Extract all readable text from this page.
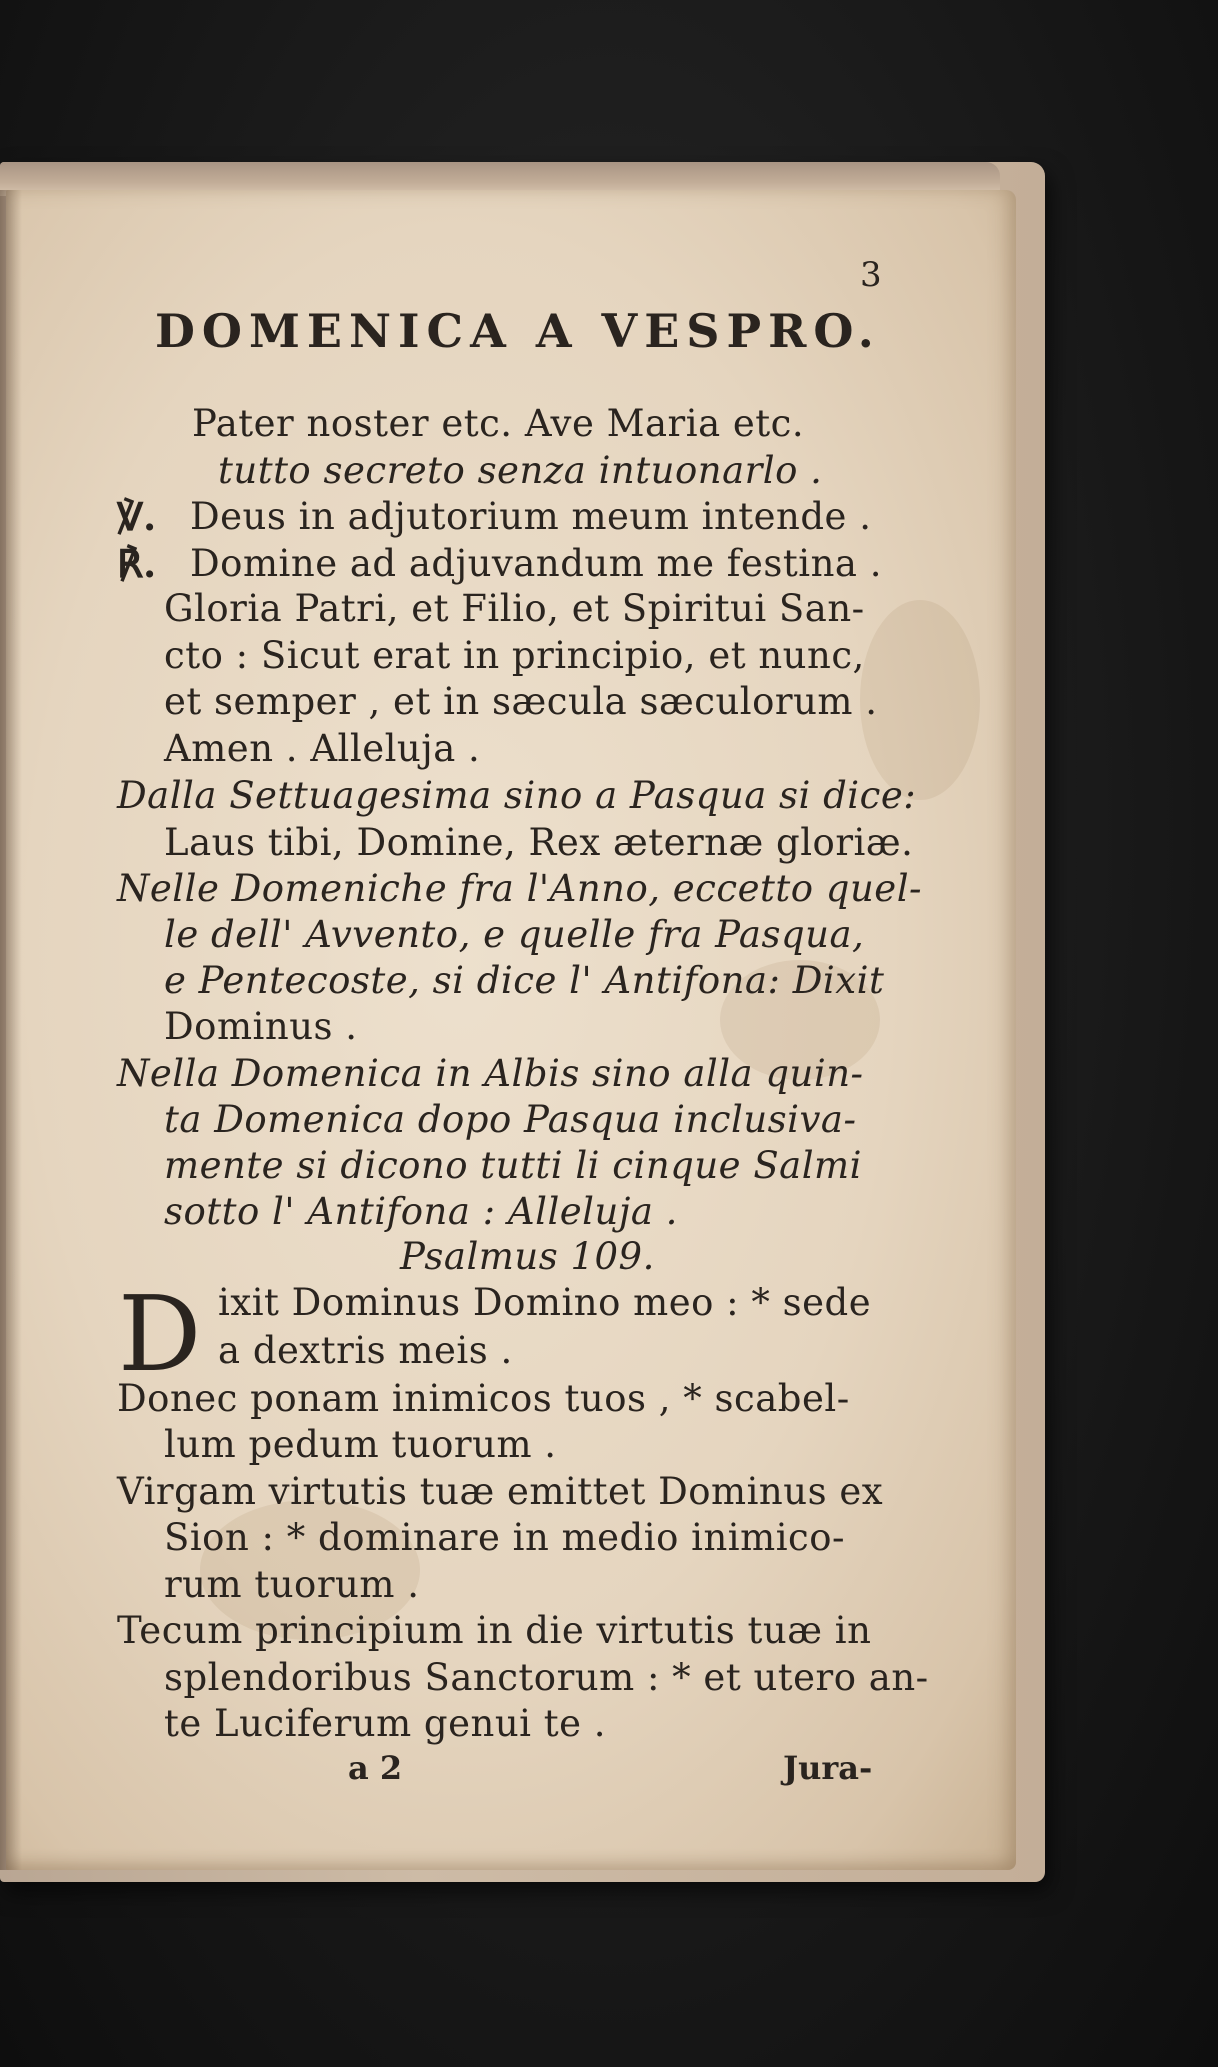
3
DOMENICA A VESPRO.
Pater noster etc. Ave Maria etc.
tutto secreto senza intuonarlo .
℣. Deus in adjutorium meum intende .
℟. Domine ad adjuvandum me festina .
Gloria Patri, et Filio, et Spiritui San-
cto : Sicut erat in principio, et nunc,
et semper , et in sæcula sæculorum .
Amen . Alleluja .
Dalla Settuagesima sino a Pasqua si dice:
Laus tibi, Domine, Rex æternæ gloriæ.
Nelle Domeniche fra l'Anno, eccetto quel-
le dell' Avvento, e quelle fra Pasqua,
e Pentecoste, si dice l' Antifona: Dixit
Dominus .
Nella Domenica in Albis sino alla quin-
ta Domenica dopo Pasqua inclusiva-
mente si dicono tutti li cinque Salmi
sotto l' Antifona : Alleluja .
Psalmus 109.
D ixit Dominus Domino meo : * sede
a dextris meis .
Donec ponam inimicos tuos , * scabel-
lum pedum tuorum .
Virgam virtutis tuæ emittet Dominus ex
Sion : * dominare in medio inimico-
rum tuorum .
Tecum principium in die virtutis tuæ in
splendoribus Sanctorum : * et utero an-
te Luciferum genui te .
a 2	Jura-
